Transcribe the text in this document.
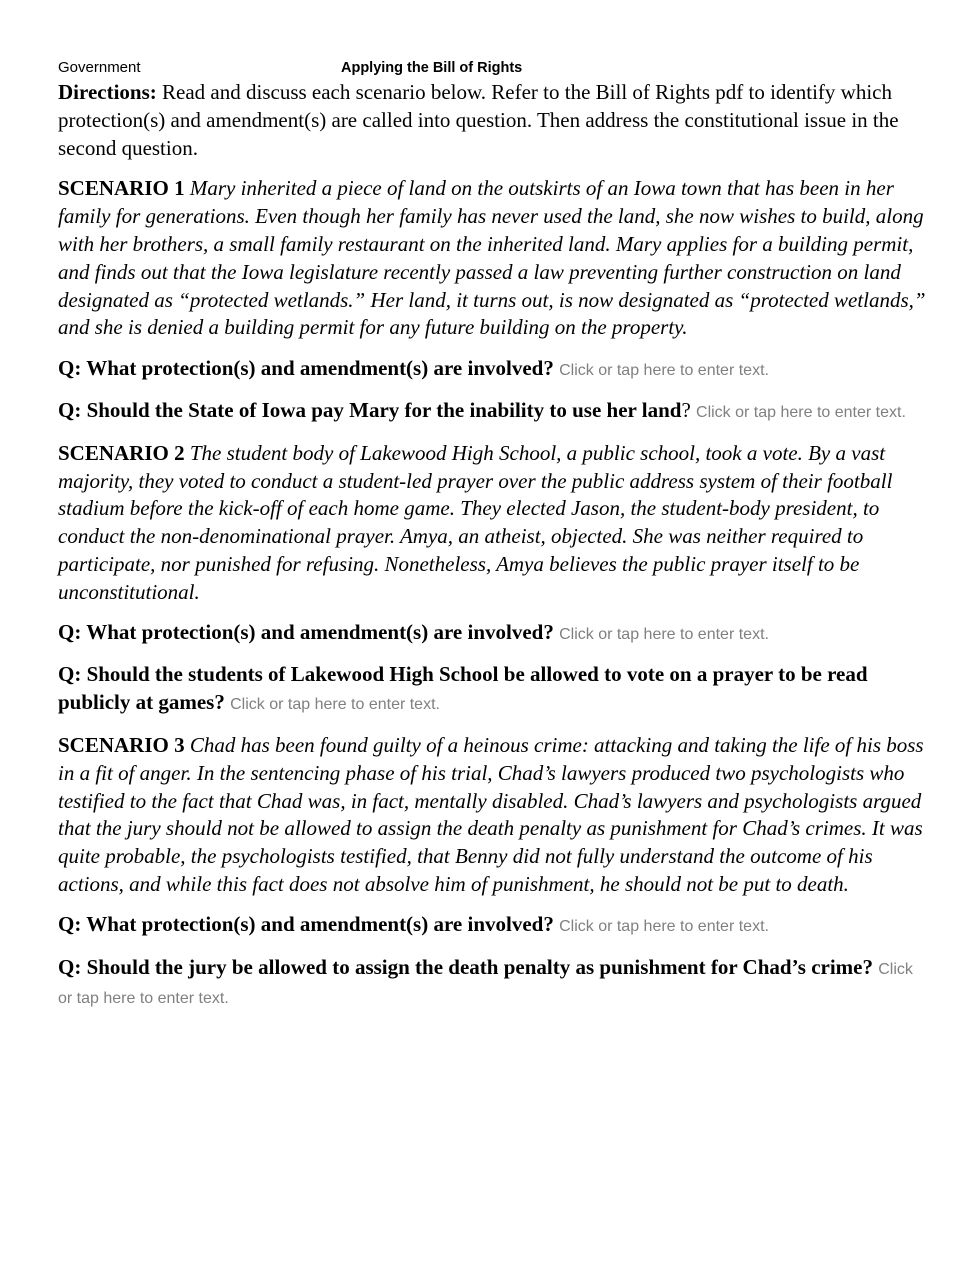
Government	Applying the Bill of Rights

Directions: Read and discuss each scenario below. Refer to the Bill of Rights pdf to identify which protection(s) and amendment(s) are called into question. Then address the constitutional issue in the second question.

SCENARIO 1 Mary inherited a piece of land on the outskirts of an Iowa town that has been in her family for generations. Even though her family has never used the land, she now wishes to build, along with her brothers, a small family restaurant on the inherited land. Mary applies for a building permit, and finds out that the Iowa legislature recently passed a law preventing further construction on land designated as “protected wetlands.” Her land, it turns out, is now designated as “protected wetlands,” and she is denied a building permit for any future building on the property.

Q: What protection(s) and amendment(s) are involved? Click or tap here to enter text.

Q: Should the State of Iowa pay Mary for the inability to use her land? Click or tap here to enter text.

SCENARIO 2 The student body of Lakewood High School, a public school, took a vote. By a vast majority, they voted to conduct a student-led prayer over the public address system of their football stadium before the kick-off of each home game. They elected Jason, the student-body president, to conduct the non-denominational prayer. Amya, an atheist, objected. She was neither required to participate, nor punished for refusing. Nonetheless, Amya believes the public prayer itself to be unconstitutional.

Q: What protection(s) and amendment(s) are involved? Click or tap here to enter text.

Q: Should the students of Lakewood High School be allowed to vote on a prayer to be read publicly at games? Click or tap here to enter text.

SCENARIO 3 Chad has been found guilty of a heinous crime: attacking and taking the life of his boss in a fit of anger. In the sentencing phase of his trial, Chad’s lawyers produced two psychologists who testified to the fact that Chad was, in fact, mentally disabled. Chad’s lawyers and psychologists argued that the jury should not be allowed to assign the death penalty as punishment for Chad’s crimes. It was quite probable, the psychologists testified, that Benny did not fully understand the outcome of his actions, and while this fact does not absolve him of punishment, he should not be put to death.

Q: What protection(s) and amendment(s) are involved? Click or tap here to enter text.

Q: Should the jury be allowed to assign the death penalty as punishment for Chad’s crime? Click or tap here to enter text.
